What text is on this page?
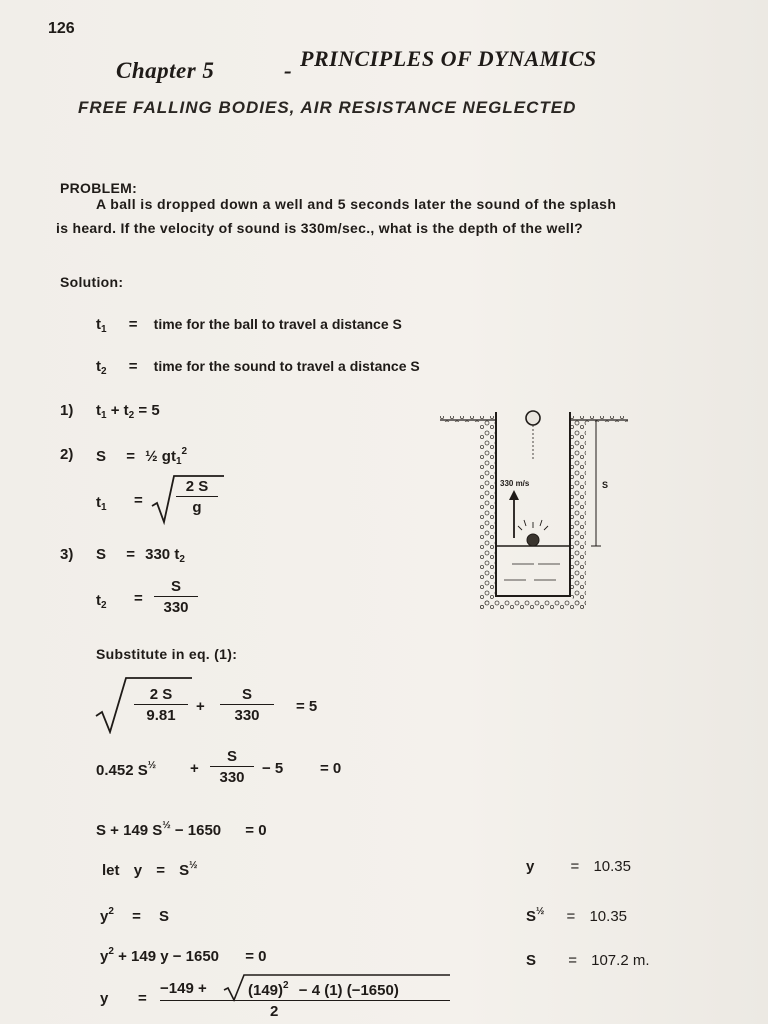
126
Chapter 5	- PRINCIPLES OF DYNAMICS
FREE FALLING BODIES, AIR RESISTANCE NEGLECTED
PROBLEM:
A ball is dropped down a well and 5 seconds later the sound of the splash
is heard. If the velocity of sound is 330m/sec., what is the depth of the well?
Solution:
$t_1$ = time for the ball to travel a distance S
$t_2$ = time for the sound to travel a distance S
1) $t_1 + t_2 = 5$
2) S = ½ $gt_1^2$
$t_1 = \frac{2 S}{g}$
3) S = 330 $t_2$
$t_2 = \frac{S}{330}$
Substitute in eq. (1):
$\frac{2 S}{9.81} + \frac{S}{330} = 5$
0.452 $S^{\frac{1}{2}} + \frac{S}{330} - 5 = 0$
S + 149 $S^{\frac{1}{2}} - 1650 = 0$
let $y = S^{\frac{1}{2}}$
$y^2 = S$
$y^2 + 149$ y − 1650 = 0
y =
−149 +	$(149)^2 - 4$ (1) (−1650)
2
y = 10.35
$S^{\frac{1}{2}} = 10.35$
S = 107.2 m.
330 m/s	S
